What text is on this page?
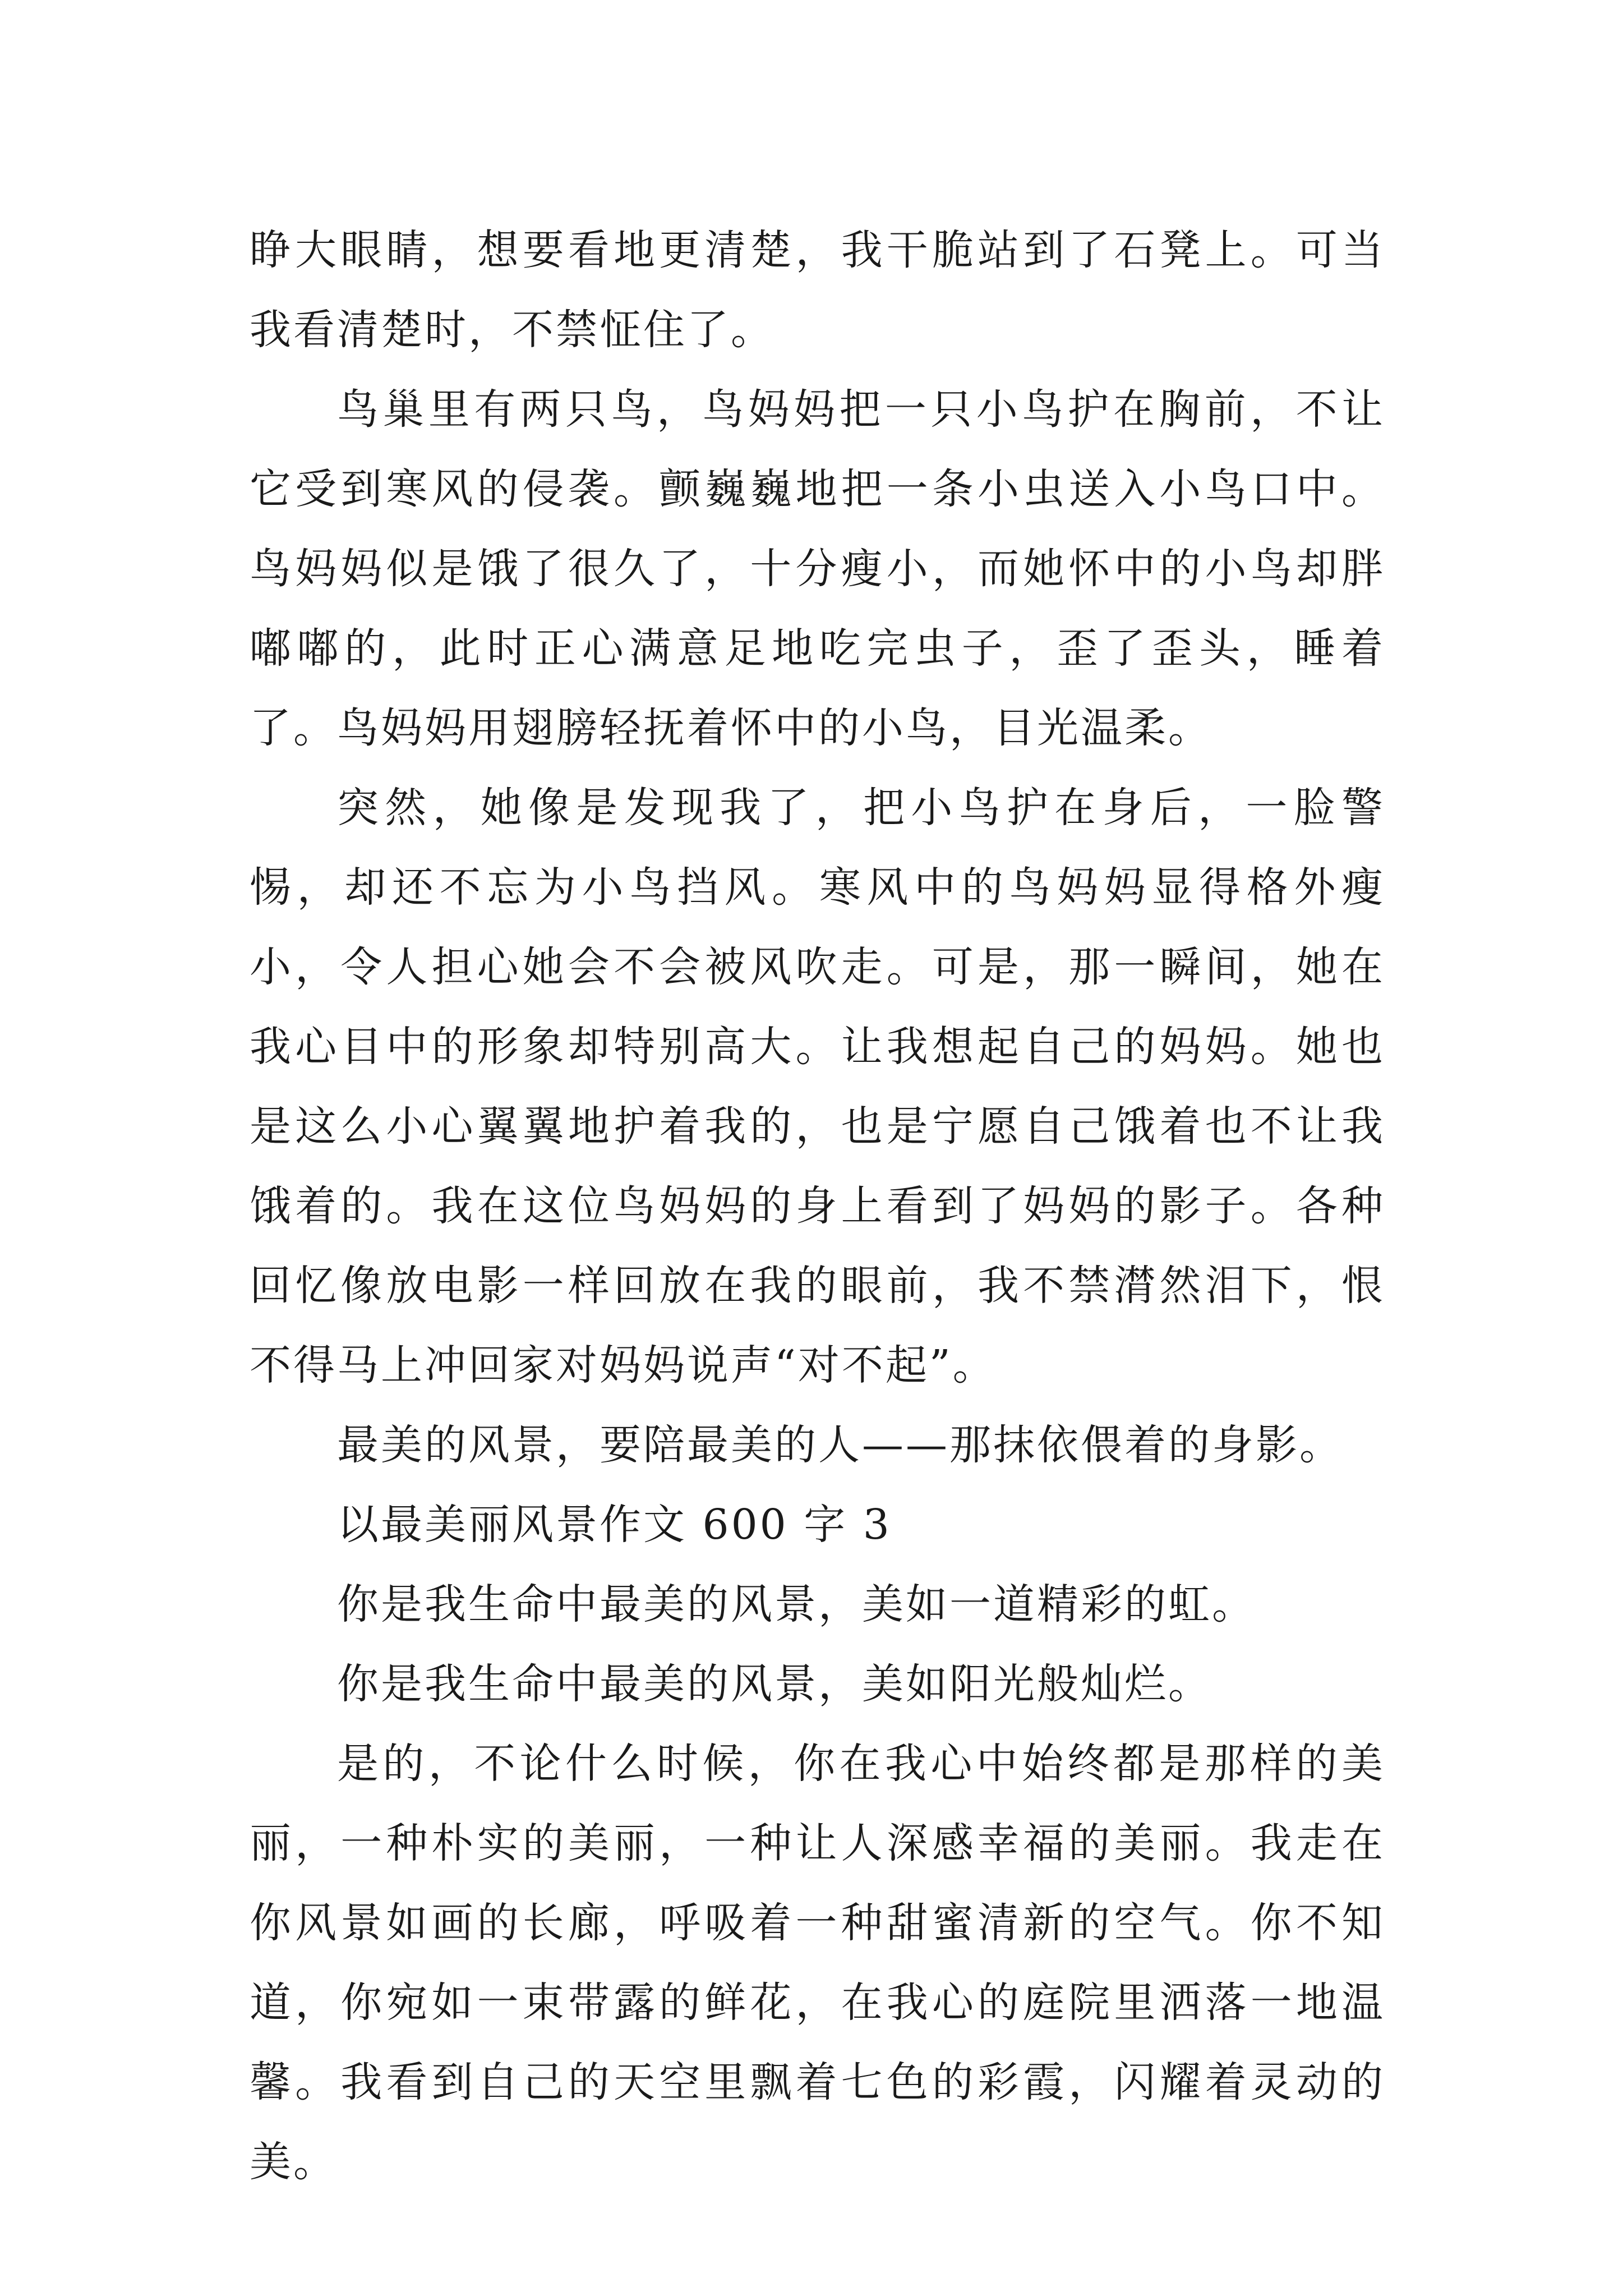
睁大眼睛，想要看地更清楚，我干脆站到了石凳上。可当我看清楚时，不禁怔住了。

鸟巢里有两只鸟，鸟妈妈把一只小鸟护在胸前，不让它受到寒风的侵袭。颤巍巍地把一条小虫送入小鸟口中。鸟妈妈似是饿了很久了，十分瘦小，而她怀中的小鸟却胖嘟嘟的，此时正心满意足地吃完虫子，歪了歪头，睡着了。鸟妈妈用翅膀轻抚着怀中的小鸟，目光温柔。

突然，她像是发现我了，把小鸟护在身后，一脸警惕，却还不忘为小鸟挡风。寒风中的鸟妈妈显得格外瘦小，令人担心她会不会被风吹走。可是，那一瞬间，她在我心目中的形象却特别高大。让我想起自己的妈妈。她也是这么小心翼翼地护着我的，也是宁愿自己饿着也不让我饿着的。我在这位鸟妈妈的身上看到了妈妈的影子。各种回忆像放电影一样回放在我的眼前，我不禁潸然泪下，恨不得马上冲回家对妈妈说声“对不起”。

最美的风景，要陪最美的人——那抹依偎着的身影。

以最美丽风景作文 600 字 3

你是我生命中最美的风景，美如一道精彩的虹。

你是我生命中最美的风景，美如阳光般灿烂。

是的，不论什么时候，你在我心中始终都是那样的美丽，一种朴实的美丽，一种让人深感幸福的美丽。我走在你风景如画的长廊，呼吸着一种甜蜜清新的空气。你不知道，你宛如一束带露的鲜花，在我心的庭院里洒落一地温馨。我看到自己的天空里飘着七色的彩霞，闪耀着灵动的美。
